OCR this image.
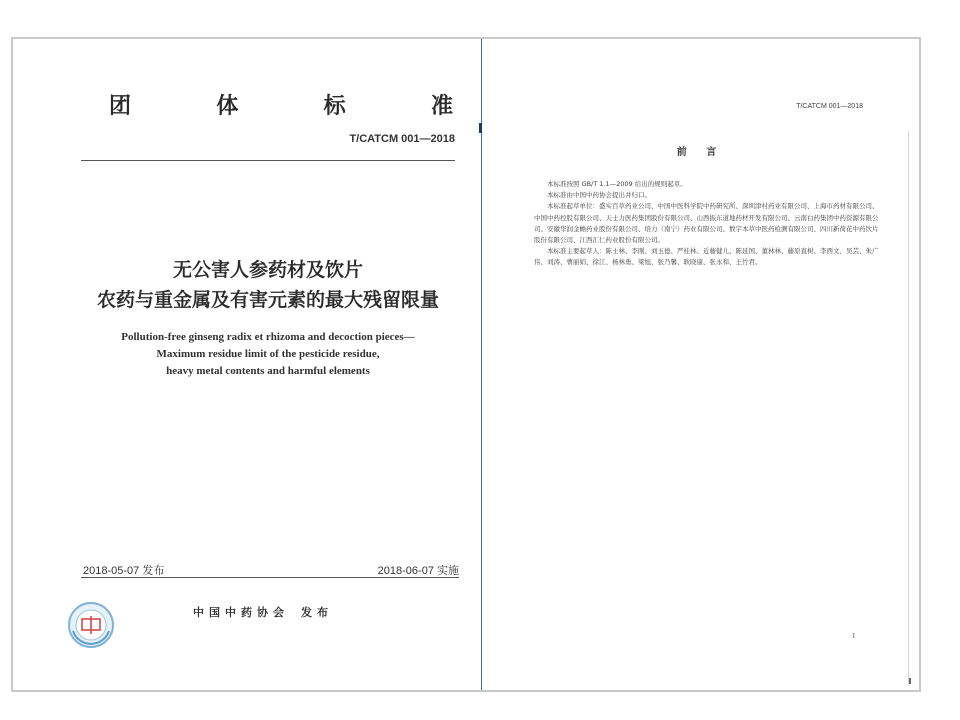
团	体	标	准
T/CATCM 001—2018
无公害人参药材及饮片
农药与重金属及有害元素的最大残留限量
Pollution-free ginseng radix et rhizoma and decoction pieces—
Maximum residue limit of the pesticide residue,
heavy metal contents and harmful elements
2018-05-07 发布	2018-06-07 实施
中国中药协会 发布
T/CATCM 001—2018
前 言

本标准按照 GB/T 1.1—2009 给出的规则起草。

本标准由中国中药协会提出并归口。

本标准起草单位：盛实百草药业公司、中国中医科学院中药研究所、深圳津村药业有限公司、上海市药材有限公司、中国中药控股有限公司、天士力医药集团股份有限公司、山西振东道地药材开发有限公司、云南白药集团中药资源有限公司、安徽华润金蟾药业股份有限公司、培力（南宁）药业有限公司、数字本草中医药检测有限公司、四川新荷花中药饮片股份有限公司、江西汇仁药业股份有限公司。

本标准主要起草人：陈士林、李刚、刘玉德、严桂林、近藤健儿、陈延国、董林林、藤原直树、李西文、吴芸、朱广伟、刘涛、曹丽娟、徐江、杨林勇、梁旭、张乃馨、耿晓康、张永和、王竹君。

I
